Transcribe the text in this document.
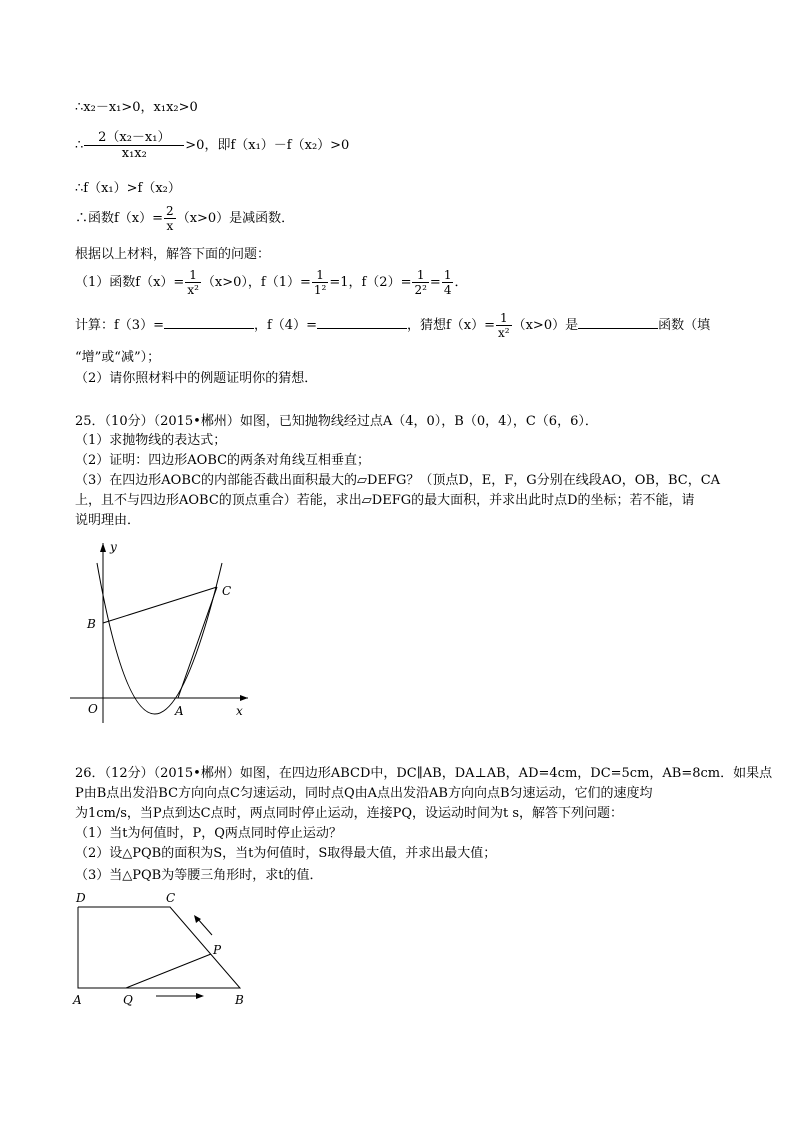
∴x₂－x₁>0，x₁x₂>0
∴ $\frac{\text{2（x₂－x₁）}}{\text{x₁x₂}} >0$，即f（x₁）－f（x₂）>0
∴f（x₁）>f（x₂）
∴函数$f(x)= \frac{2}{x} (x>0)$是减函数．
根据以上材料，解答下面的问题：
（1）函数$f(x)= \frac{1}{\text{x²}} (x>0)$，$f(1)= \frac{1}{\text{1²}} =1$，$f(2)= \frac{1}{\text{2²}} = \frac{1}{4}$ ．
计算：f（3）=	，f（4）=	，猜想$f(x)= \frac{1}{\text{x²}} (x>0)$是	函数（填
“增”或“减”）；
（2）请你照材料中的例题证明你的猜想．
25．（10分）（2015•郴州）如图，已知抛物线经过点A（4，0），B（0，4），C（6，6）．
（1）求抛物线的表达式；
（2）证明：四边形AOBC的两条对角线互相垂直；
（3）在四边形AOBC的内部能否截出面积最大的▱DEFG？（顶点D，E，F，G分别在线段AO，OB，BC，CA
上，且不与四边形AOBC的顶点重合）若能，求出▱DEFG的最大面积，并求出此时点D的坐标；若不能，请
说明理由．
y
x
O	A
B
C
26．（12分）（2015•郴州）如图，在四边形ABCD中，DC∥AB，DA⊥AB，AD=4cm，DC=5cm，AB=8cm．如果点
P由B点出发沿BC方向向点C匀速运动，同时点Q由A点出发沿AB方向向点B匀速运动，它们的速度均
为1cm/s，当P点到达C点时，两点同时停止运动，连接PQ，设运动时间为t s，解答下列问题：
（1）当t为何值时，P，Q两点同时停止运动？
（2）设△PQB的面积为S，当t为何值时，S取得最大值，并求出最大值；
（3）当△PQB为等腰三角形时，求t的值．
D	C
P
A	Q	B
